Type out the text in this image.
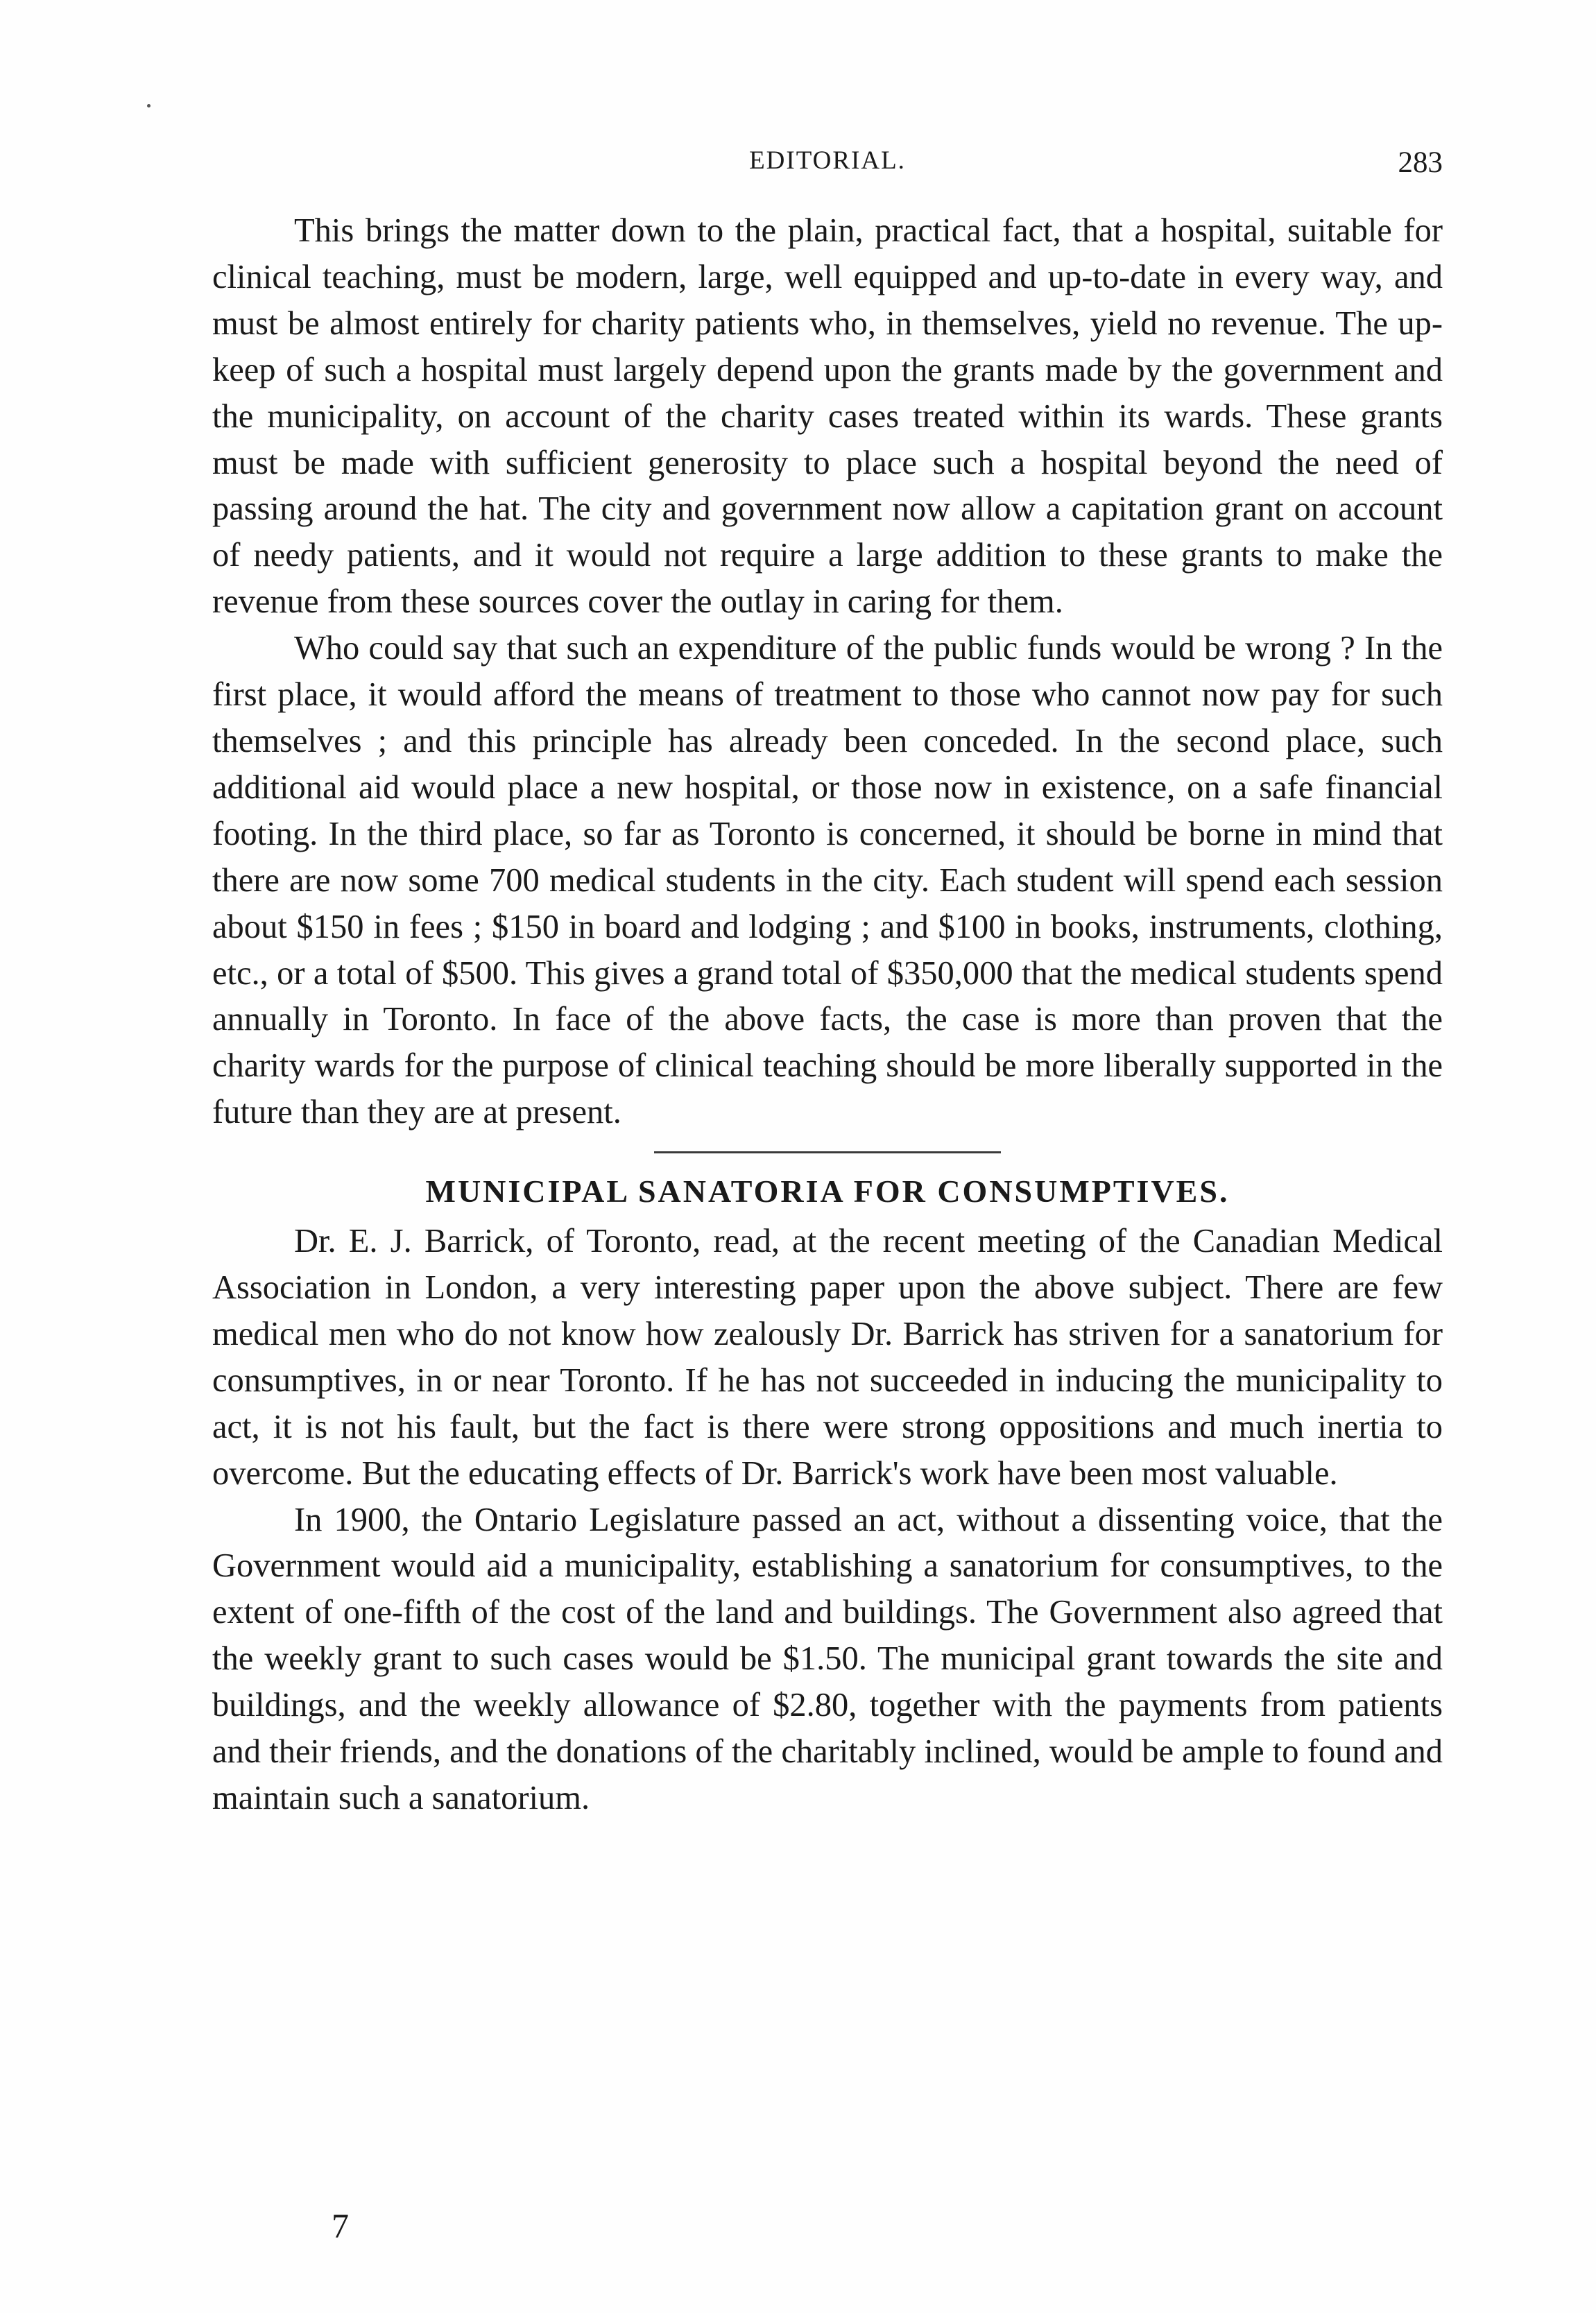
EDITORIAL.	283

This brings the matter down to the plain, practical fact, that a hospital, suitable for clinical teaching, must be modern, large, well equipped and up-to-date in every way, and must be almost entirely for charity patients who, in themselves, yield no revenue. The up-keep of such a hospital must largely depend upon the grants made by the government and the municipality, on account of the charity cases treated within its wards. These grants must be made with sufficient generosity to place such a hospital beyond the need of passing around the hat. The city and government now allow a capitation grant on account of needy patients, and it would not require a large addition to these grants to make the revenue from these sources cover the outlay in caring for them.

Who could say that such an expenditure of the public funds would be wrong ? In the first place, it would afford the means of treatment to those who cannot now pay for such themselves ; and this principle has already been conceded. In the second place, such additional aid would place a new hospital, or those now in existence, on a safe financial footing. In the third place, so far as Toronto is concerned, it should be borne in mind that there are now some 700 medical students in the city. Each student will spend each session about $150 in fees ; $150 in board and lodging ; and $100 in books, instruments, clothing, etc., or a total of $500. This gives a grand total of $350,000 that the medical students spend annually in Toronto. In face of the above facts, the case is more than proven that the charity wards for the purpose of clinical teaching should be more liberally supported in the future than they are at present.

MUNICIPAL SANATORIA FOR CONSUMPTIVES.

Dr. E. J. Barrick, of Toronto, read, at the recent meeting of the Canadian Medical Association in London, a very interesting paper upon the above subject. There are few medical men who do not know how zealously Dr. Barrick has striven for a sanatorium for consumptives, in or near Toronto. If he has not succeeded in inducing the municipality to act, it is not his fault, but the fact is there were strong oppositions and much inertia to overcome. But the educating effects of Dr. Barrick's work have been most valuable.

In 1900, the Ontario Legislature passed an act, without a dissenting voice, that the Government would aid a municipality, establishing a sanatorium for consumptives, to the extent of one-fifth of the cost of the land and buildings. The Government also agreed that the weekly grant to such cases would be $1.50. The municipal grant towards the site and buildings, and the weekly allowance of $2.80, together with the payments from patients and their friends, and the donations of the charitably inclined, would be ample to found and maintain such a sanatorium.

7
